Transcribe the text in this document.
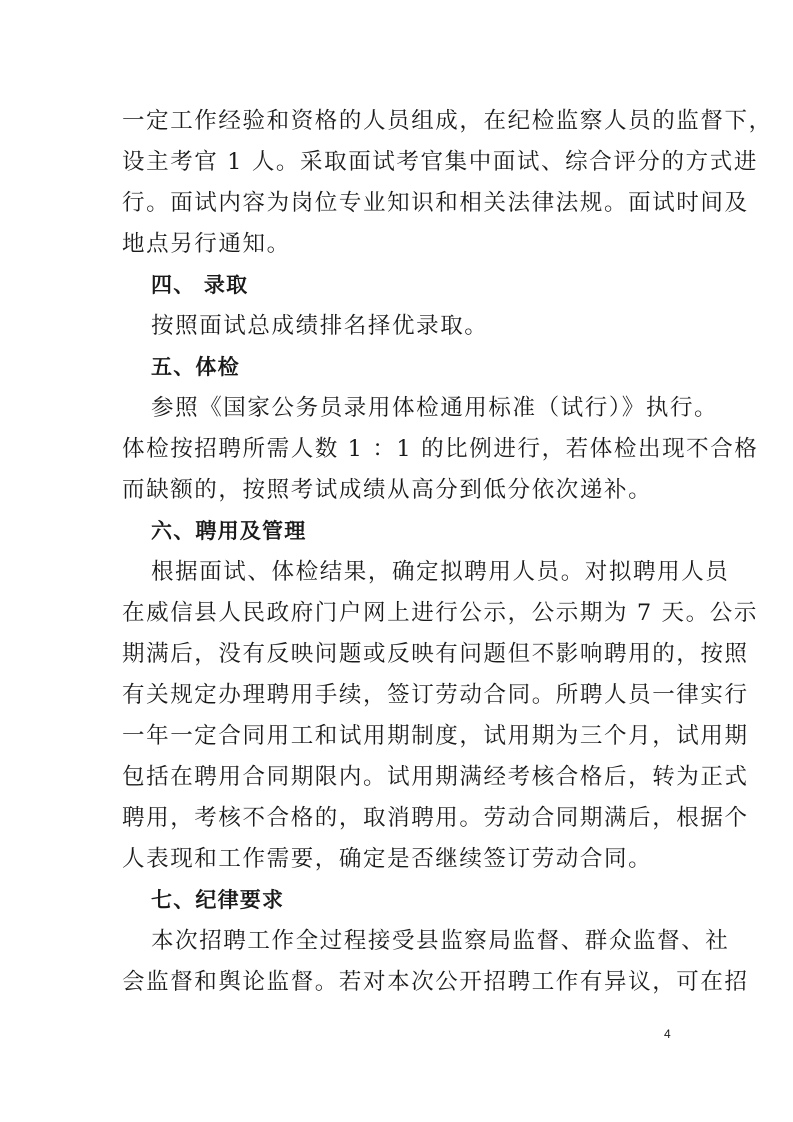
一定工作经验和资格的人员组成，在纪检监察人员的监督下，
设主考官 1 人。采取面试考官集中面试、综合评分的方式进
行。面试内容为岗位专业知识和相关法律法规。面试时间及
地点另行通知。
四、 录取
按照面试总成绩排名择优录取。
五、体检
参照《国家公务员录用体检通用标准（试行）》执行。
体检按招聘所需人数 1 ：1 的比例进行，若体检出现不合格
而缺额的，按照考试成绩从高分到低分依次递补。
六、聘用及管理
根据面试、体检结果，确定拟聘用人员。对拟聘用人员
在威信县人民政府门户网上进行公示，公示期为 7 天。公示
期满后，没有反映问题或反映有问题但不影响聘用的，按照
有关规定办理聘用手续，签订劳动合同。所聘人员一律实行
一年一定合同用工和试用期制度，试用期为三个月，试用期
包括在聘用合同期限内。试用期满经考核合格后，转为正式
聘用，考核不合格的，取消聘用。劳动合同期满后，根据个
人表现和工作需要，确定是否继续签订劳动合同。
七、纪律要求
本次招聘工作全过程接受县监察局监督、群众监督、社
会监督和舆论监督。若对本次公开招聘工作有异议，可在招
4
